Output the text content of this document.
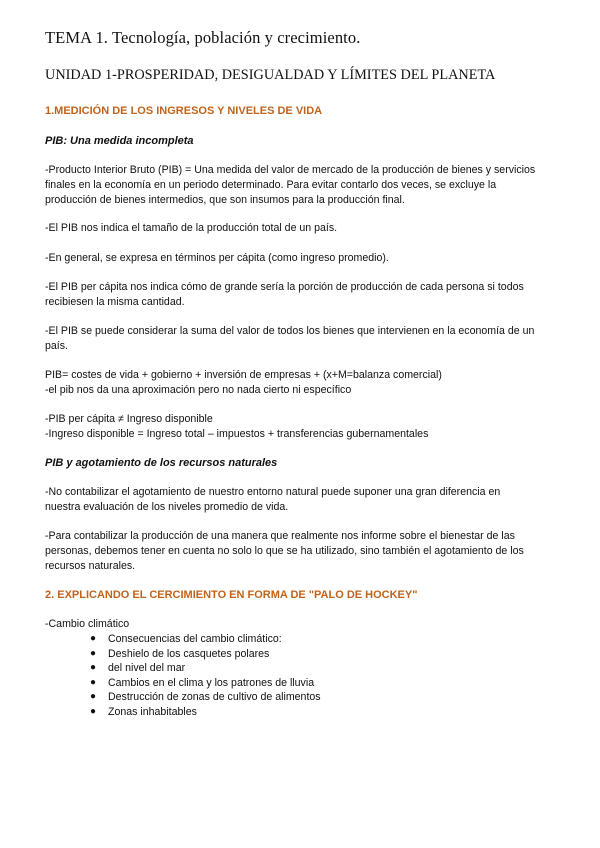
TEMA 1. Tecnología, población y crecimiento.
UNIDAD 1-PROSPERIDAD, DESIGUALDAD Y LÍMITES DEL PLANETA
1.MEDICIÓN DE LOS INGRESOS Y NIVELES DE VIDA
PIB: Una medida incompleta
-Producto Interior Bruto (PIB) = Una medida del valor de mercado de la producción de bienes y servicios
finales en la economía en un periodo determinado. Para evitar contarlo dos veces, se excluye la
producción de bienes intermedios, que son insumos para la producción final.
-El PIB nos indica el tamaño de la producción total de un país.
-En general, se expresa en términos per cápita (como ingreso promedio).
-El PIB per cápita nos indica cómo de grande sería la porción de producción de cada persona si todos
recibiesen la misma cantidad.
-El PIB se puede considerar la suma del valor de todos los bienes que intervienen en la economía de un
país.
PIB= costes de vida + gobierno + inversión de empresas + (x+M=balanza comercial)
-el pib nos da una aproximación pero no nada cierto ni específico
-PIB per cápita ≠ Ingreso disponible
-Ingreso disponible = Ingreso total – impuestos + transferencias gubernamentales
PIB y agotamiento de los recursos naturales
-No contabilizar el agotamiento de nuestro entorno natural puede suponer una gran diferencia en
nuestra evaluación de los niveles promedio de vida.
-Para contabilizar la producción de una manera que realmente nos informe sobre el bienestar de las
personas, debemos tener en cuenta no solo lo que se ha utilizado, sino también el agotamiento de los
recursos naturales.
2. EXPLICANDO EL CERCIMIENTO EN FORMA DE "PALO DE HOCKEY"
-Cambio climático
● Consecuencias del cambio climático:
● Deshielo de los casquetes polares
● del nivel del mar
● Cambios en el clima y los patrones de lluvia
● Destrucción de zonas de cultivo de alimentos
● Zonas inhabitables
